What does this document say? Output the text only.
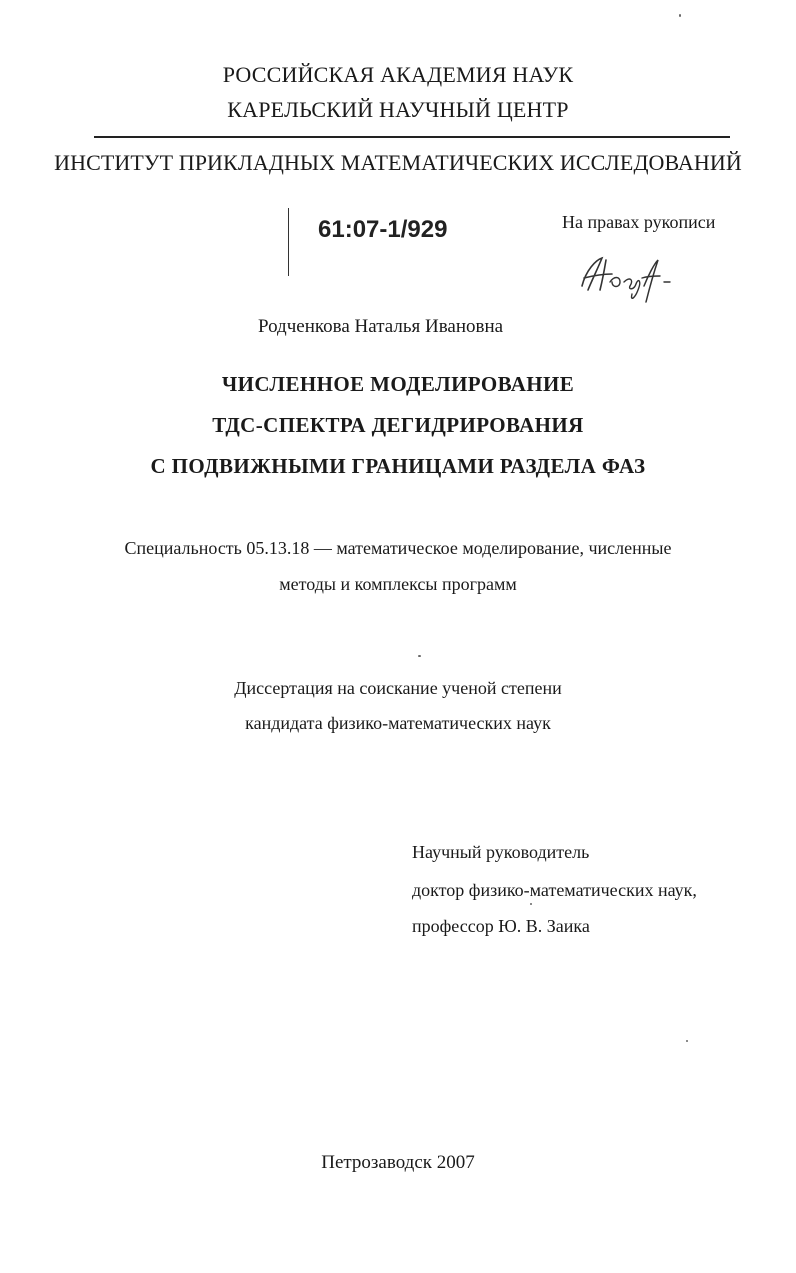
РОССИЙСКАЯ АКАДЕМИЯ НАУК
КАРЕЛЬСКИЙ НАУЧНЫЙ ЦЕНТР
ИНСТИТУТ ПРИКЛАДНЫХ МАТЕМАТИЧЕСКИХ ИССЛЕДОВАНИЙ
61:07-1/929	На правах рукописи
Родченкова Наталья Ивановна
ЧИСЛЕННОЕ МОДЕЛИРОВАНИЕ
ТДС-СПЕКТРА ДЕГИДРИРОВАНИЯ
С ПОДВИЖНЫМИ ГРАНИЦАМИ РАЗДЕЛА ФАЗ
Специальность 05.13.18 — математическое моделирование, численные
методы и комплексы программ
Диссертация на соискание ученой степени
кандидата физико-математических наук
Научный руководитель
доктор физико-математических наук,
профессор Ю. В. Заика
Петрозаводск 2007
